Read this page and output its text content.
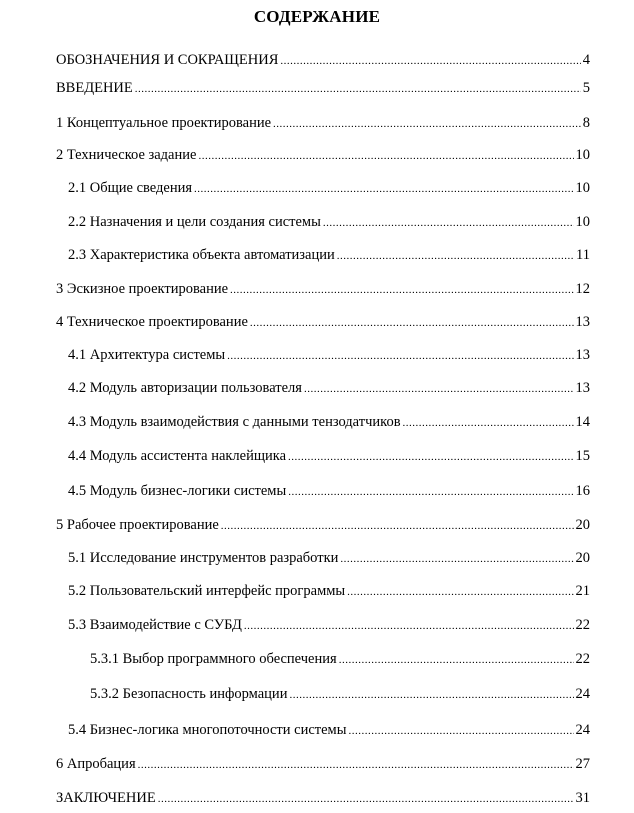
СОДЕРЖАНИЕ
ОБОЗНАЧЕНИЯ И СОКРАЩЕНИЯ .....	4
ВВЕДЕНИЕ .....	5
1 Концептуальное проектирование .....	8
2 Техническое задание .....	10
2.1 Общие сведения .....	10
2.2 Назначения и цели создания системы .....	10
2.3 Характеристика объекта автоматизации .....	11
3 Эскизное проектирование .....	12
4 Техническое проектирование .....	13
4.1 Архитектура системы .....	13
4.2 Модуль авторизации пользователя .....	13
4.3 Модуль взаимодействия с данными тензодатчиков .....	14
4.4 Модуль ассистента наклейщика .....	15
4.5 Модуль бизнес-логики системы .....	16
5 Рабочее проектирование .....	20
5.1 Исследование инструментов разработки .....	20
5.2 Пользовательский интерфейс программы .....	21
5.3 Взаимодействие с СУБД .....	22
5.3.1 Выбор программного обеспечения .....	22
5.3.2 Безопасность информации .....	24
5.4 Бизнес-логика многопоточности системы .....	24
6 Апробация .....	27
ЗАКЛЮЧЕНИЕ .....	31
